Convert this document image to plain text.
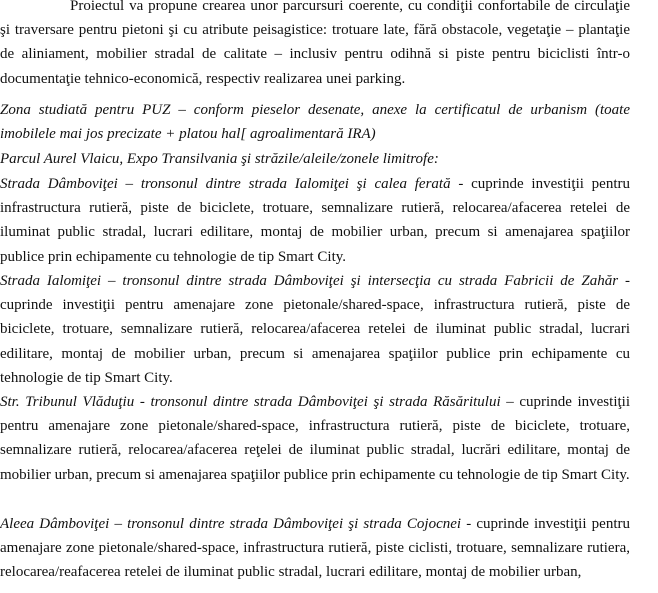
Proiectul va propune crearea unor parcursuri coerente, cu condiţii confortabile de circulaţie şi traversare pentru pietoni şi cu atribute peisagistice: trotuare late, fără obstacole, vegetaţie – plantaţie de aliniament, mobilier stradal de calitate – inclusiv pentru odihnă si piste pentru biciclisti într-o documentaţie tehnico-economică, respectiv realizarea unei parking.

Zona studiată pentru PUZ – conform pieselor desenate, anexe la certificatul de urbanism (toate imobilele mai jos precizate + platou hal[ agroalimentară IRA)

Parcul Aurel Vlaicu, Expo Transilvania şi străzile/aleile/zonele limitrofe:

Strada Dâmboviţei – tronsonul dintre strada Ialomiţei şi calea ferată - cuprinde investiţii pentru infrastructura rutieră, piste de biciclete, trotuare, semnalizare rutieră, relocarea/afacerea retelei de iluminat public stradal, lucrari edilitare, montaj de mobilier urban, precum si amenajarea spaţiilor publice prin echipamente cu tehnologie de tip Smart City.

Strada Ialomiţei – tronsonul dintre strada Dâmboviţei şi intersecţia cu strada Fabricii de Zahăr - cuprinde investiţii pentru amenajare zone pietonale/shared-space, infrastructura rutieră, piste de biciclete, trotuare, semnalizare rutieră, relocarea/afacerea retelei de iluminat public stradal, lucrari edilitare, montaj de mobilier urban, precum si amenajarea spaţiilor publice prin echipamente cu tehnologie de tip Smart City.

Str. Tribunul Vlăduţiu - tronsonul dintre strada Dâmboviţei şi strada Răsăritului – cuprinde investiţii pentru amenajare zone pietonale/shared-space, infrastructura rutieră, piste de biciclete, trotuare, semnalizare rutieră, relocarea/afacerea reţelei de iluminat public stradal, lucrări edilitare, montaj de mobilier urban, precum si amenajarea spaţiilor publice prin echipamente cu tehnologie de tip Smart City.

Aleea Dâmboviţei – tronsonul dintre strada Dâmboviţei şi strada Cojocnei - cuprinde investiţii pentru amenajare zone pietonale/shared-space, infrastructura rutieră, piste ciclisti, trotuare, semnalizare rutiera, relocarea/reafacerea retelei de iluminat public stradal, lucrari edilitare, montaj de mobilier urban,
